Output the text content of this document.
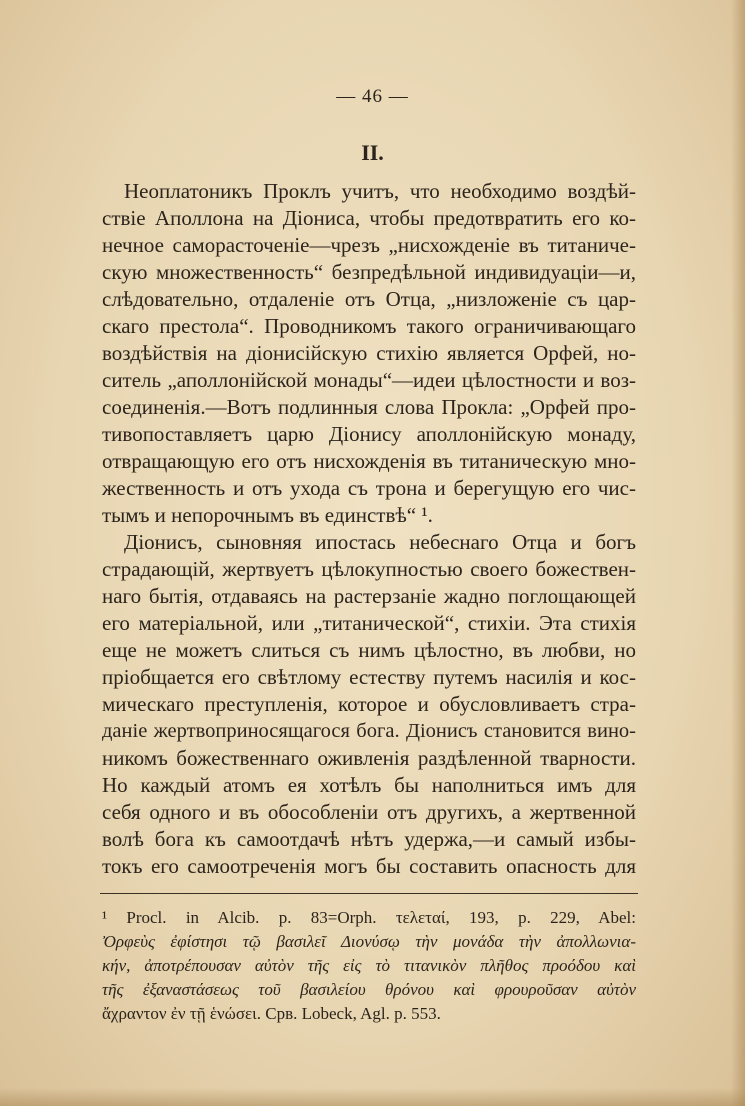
— 46 —
II.
Неоплатоникъ Проклъ учитъ, что необходимо воздѣй-
ствіе Аполлона на Діониса, чтобы предотвратить его ко-
нечное саморасточеніе—чрезъ „нисхожденіе въ титаниче-
скую множественность“ безпредѣльной индивидуаціи—и,
слѣдовательно, отдаленіе отъ Отца, „низложеніе съ цар-
скаго престола“. Проводникомъ такого ограничивающаго
воздѣйствія на діонисійскую стихію является Орфей, но-
ситель „аполлонійской монады“—идеи цѣлостности и воз-
соединенія.—Вотъ подлинныя слова Прокла: „Орфей про-
тивопоставляетъ царю Діонису аполлонійскую монаду,
отвращающую его отъ нисхожденія въ титаническую мно-
жественность и отъ ухода съ трона и берегущую его чис-
тымъ и непорочнымъ въ единствѣ“ ¹.
Діонисъ, сыновняя ипостась небеснаго Отца и богъ
страдающій, жертвуетъ цѣлокупностью своего божествен-
наго бытія, отдаваясь на растерзаніе жадно поглощающей
его матеріальной, или „титанической“, стихіи. Эта стихія
еще не можетъ слиться съ нимъ цѣлостно, въ любви, но
пріобщается его свѣтлому естеству путемъ насилія и кос-
мическаго преступленія, которое и обусловливаетъ стра-
даніе жертвоприносящагося бога. Діонисъ становится вино-
никомъ божественнаго оживленія раздѣленной тварности.
Но каждый атомъ ея хотѣлъ бы наполниться имъ для
себя одного и въ обособленіи отъ другихъ, а жертвенной
волѣ бога къ самоотдачѣ нѣтъ удержа,—и самый избы-
токъ его самоотреченія могъ бы составить опасность для
¹ Procl. in Alcib. p. 83=Orph. τελεταί, 193, p. 229, Abel:
Ὀρφεὺς ἐφίστησι τῷ βασιλεῖ Διονύσῳ τὴν μονάδα τὴν ἀπολλωνια-
κήν, ἀποτρέπουσαν αὐτὸν τῆς εἰς τὸ τιτανικὸν πλῆθος προόδου καὶ
τῆς ἐξαναστάσεως τοῦ βασιλείου θρόνου καὶ φρουροῦσαν αὐτὸν
ἄχραντον ἐν τῇ ἑνώσει. Срв. Lobeck, Agl. p. 553.
